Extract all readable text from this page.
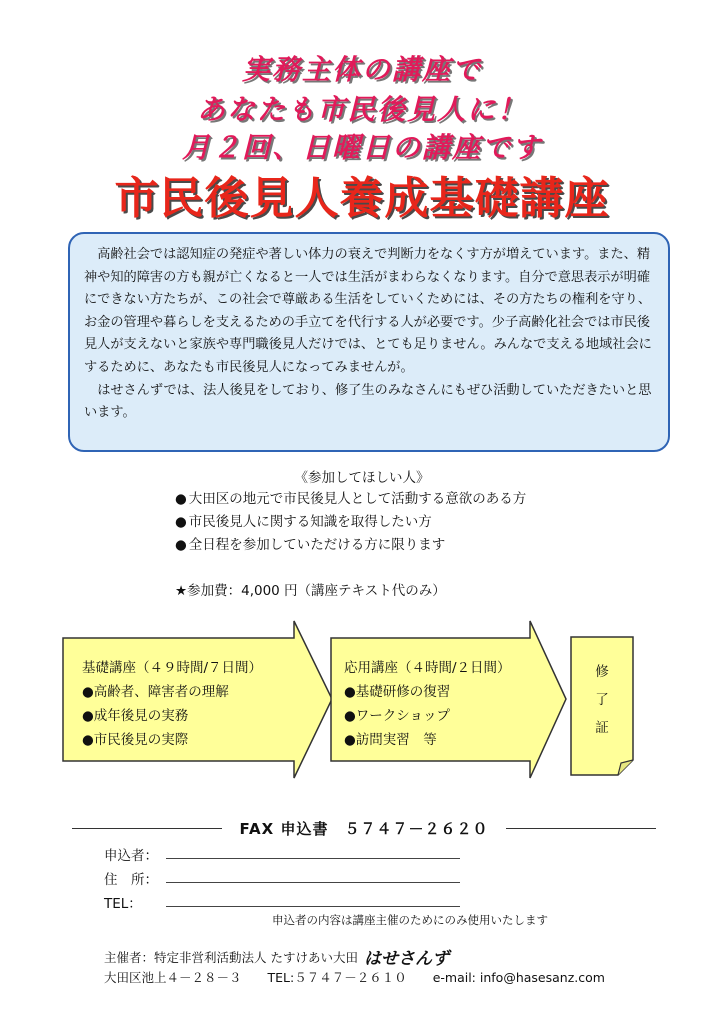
実務主体の講座で
あなたも市民後見人に！
月２回、日曜日の講座です
市民後見人養成基礎講座

高齢社会では認知症の発症や著しい体力の衰えで判断力をなくす方が増えています。また、精神や知的障害の方も親が亡くなると一人では生活がまわらなくなります。自分で意思表示が明確にできない方たちが、この社会で尊厳ある生活をしていくためには、その方たちの権利を守り、お金の管理や暮らしを支えるための手立てを代行する人が必要です。少子高齢化社会では市民後見人が支えないと家族や専門職後見人だけでは、とても足りません。みんなで支える地域社会にするために、あなたも市民後見人になってみませんが。

はせさんずでは、法人後見をしており、修了生のみなさんにもぜひ活動していただきたいと思います。

《参加してほしい人》
● 大田区の地元で市民後見人として活動する意欲のある方
● 市民後見人に関する知識を取得したい方
● 全日程を参加していただける方に限ります
★参加費：4,000 円（講座テキスト代のみ）
基礎講座（４９時間/７日間）
●高齢者、障害者の理解
●成年後見の実務
●市民後見の実際
応用講座（４時間/２日間）
●基礎研修の復習
●ワークショップ
●訪問実習　等
修
了
証
FAX 申込書　５７４７－２６２０
申込者：
住　所：
TEL：
申込者の内容は講座主催のためにのみ使用いたします
主催者：特定非営利活動法人 たすけあい大田 はせさんず
大田区池上４－２８－３ TEL:５７４７－２６１０ e-mail: info@hasesanz.com
